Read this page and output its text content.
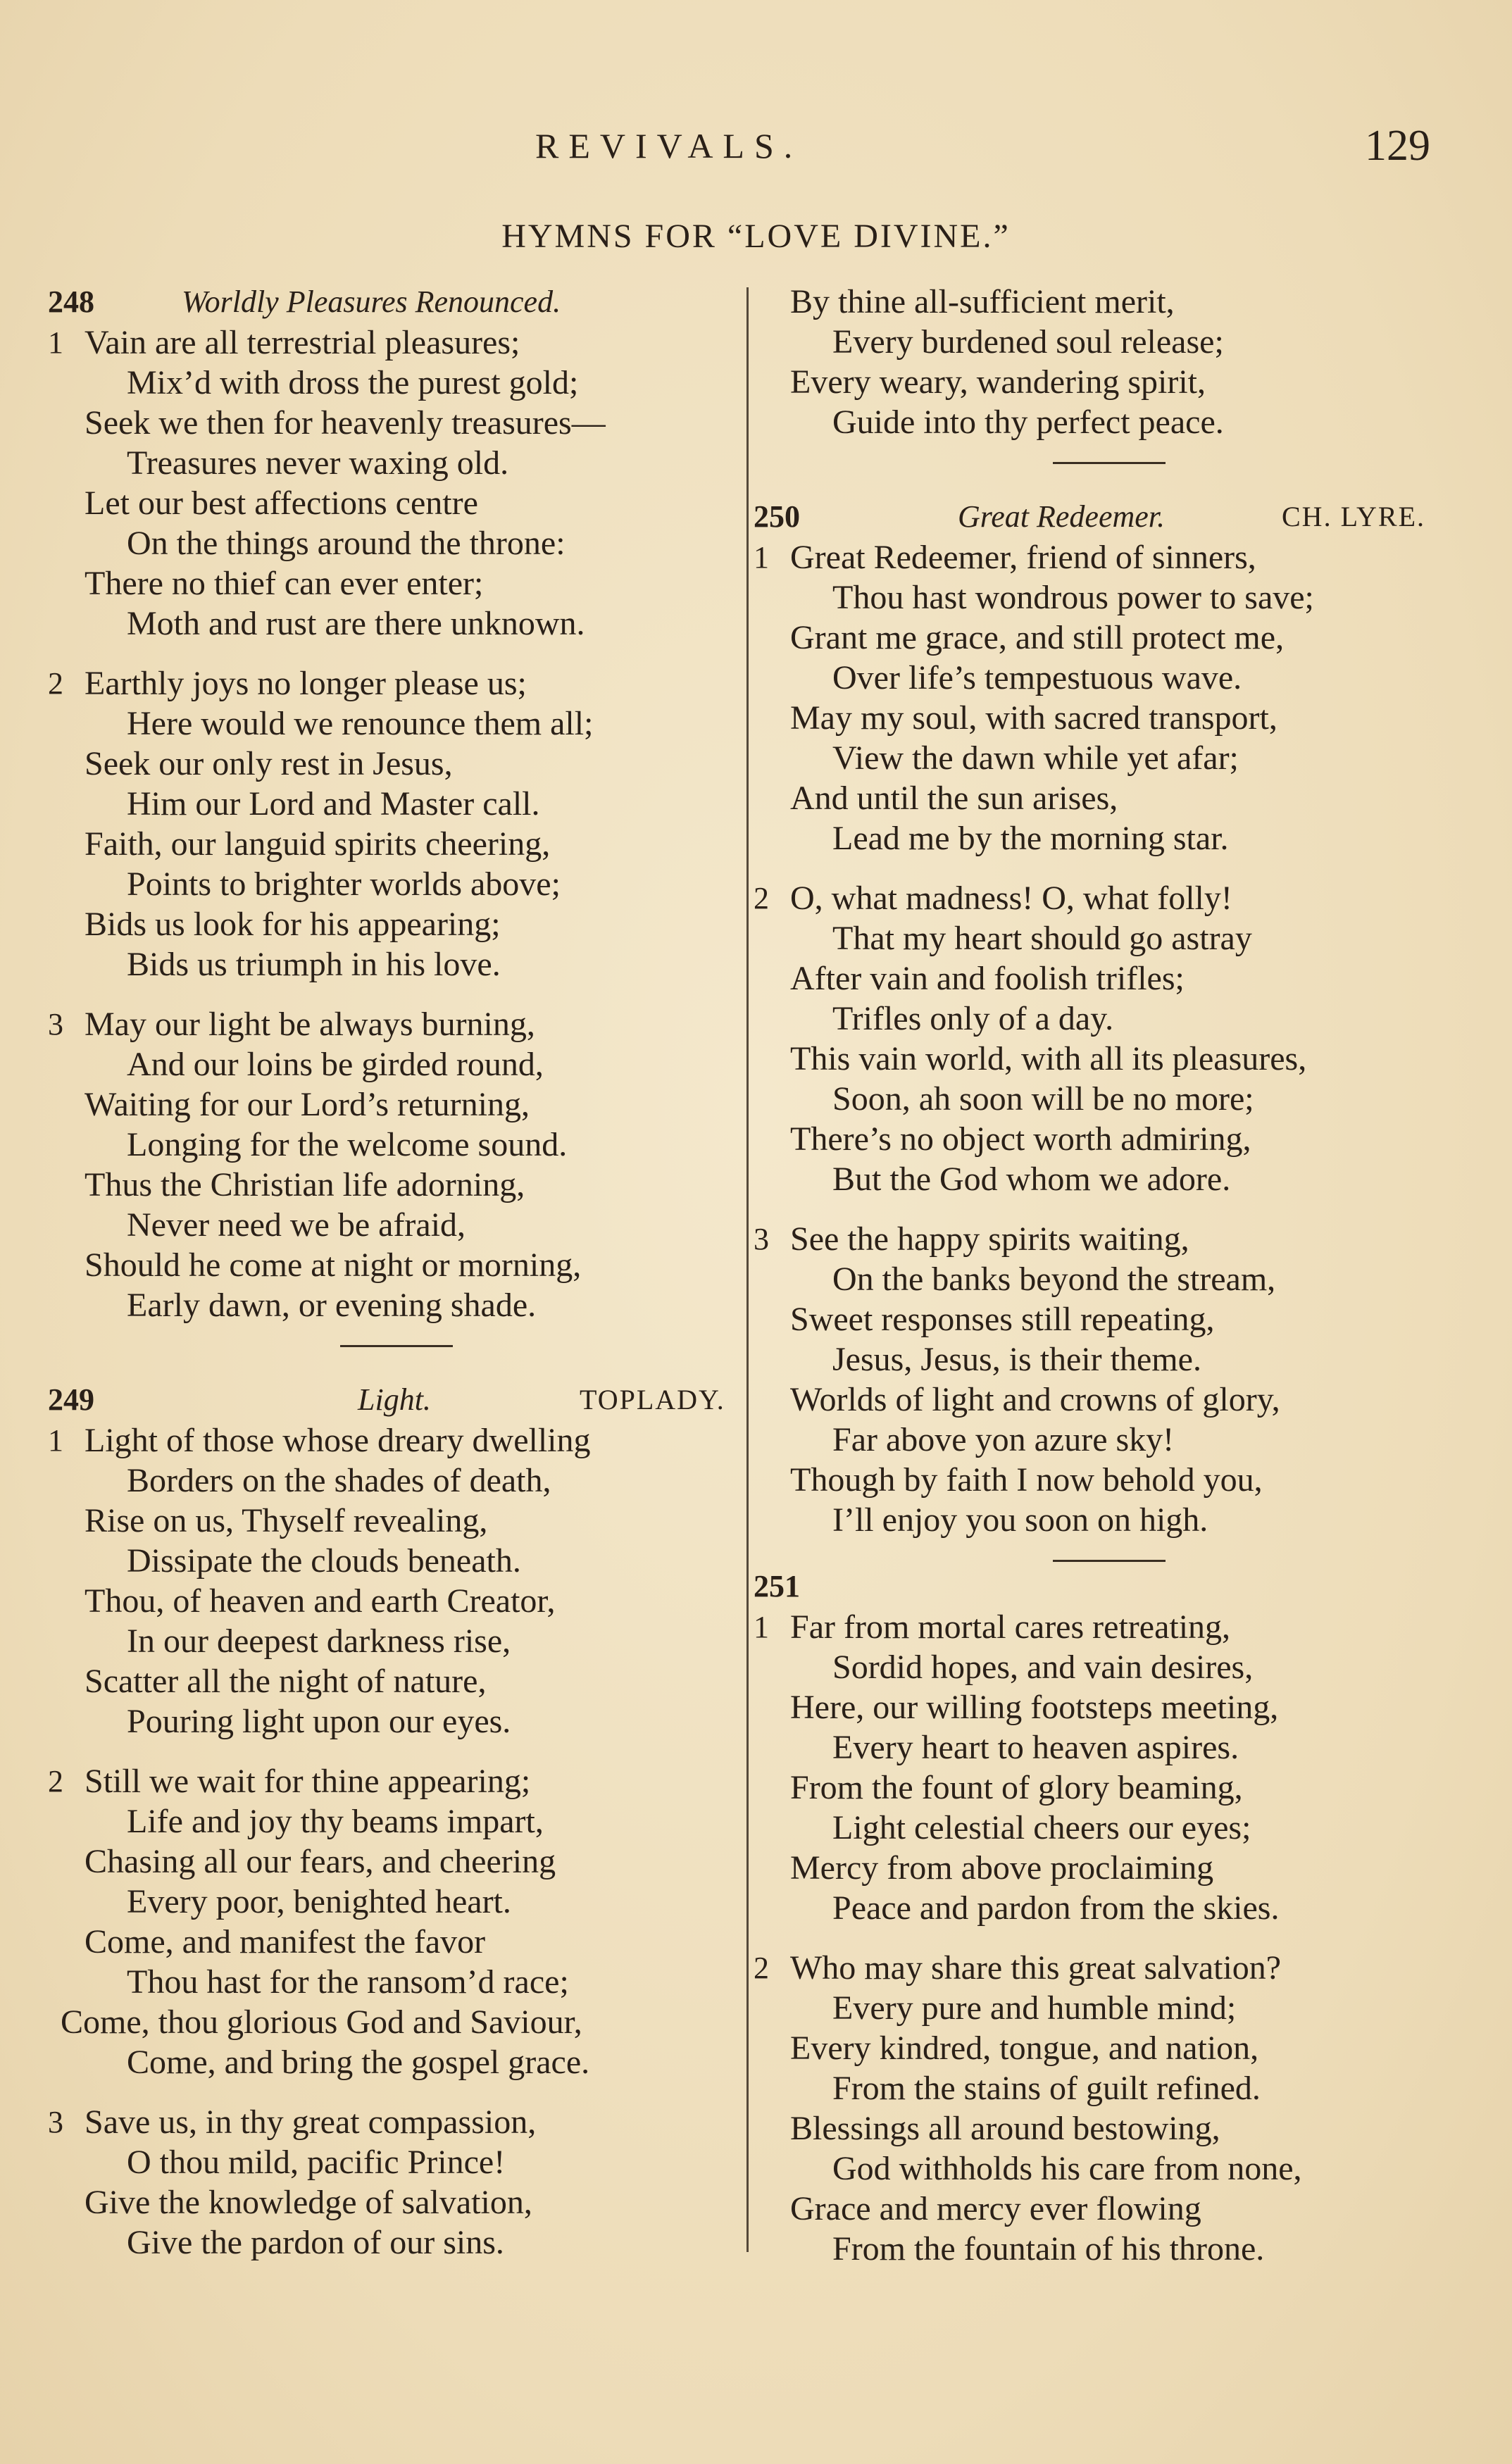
REVIVALS.	129
HYMNS FOR “LOVE DIVINE.”
248	Worldly Pleasures Renounced.
1 Vain are all terrestrial pleasures;
Mix’d with dross the purest gold;
Seek we then for heavenly treasures—
Treasures never waxing old.
Let our best affections centre
On the things around the throne:
There no thief can ever enter;
Moth and rust are there unknown.
2 Earthly joys no longer please us;
Here would we renounce them all;
Seek our only rest in Jesus,
Him our Lord and Master call.
Faith, our languid spirits cheering,
Points to brighter worlds above;
Bids us look for his appearing;
Bids us triumph in his love.
3 May our light be always burning,
And our loins be girded round,
Waiting for our Lord’s returning,
Longing for the welcome sound.
Thus the Christian life adorning,
Never need we be afraid,
Should he come at night or morning,
Early dawn, or evening shade.
249	Light.	TOPLADY.
1 Light of those whose dreary dwelling
Borders on the shades of death,
Rise on us, Thyself revealing,
Dissipate the clouds beneath.
Thou, of heaven and earth Creator,
In our deepest darkness rise,
Scatter all the night of nature,
Pouring light upon our eyes.
2 Still we wait for thine appearing;
Life and joy thy beams impart,
Chasing all our fears, and cheering
Every poor, benighted heart.
Come, and manifest the favor
Thou hast for the ransom’d race;
Come, thou glorious God and Saviour,
Come, and bring the gospel grace.
3 Save us, in thy great compassion,
O thou mild, pacific Prince!
Give the knowledge of salvation,
Give the pardon of our sins.
By thine all-sufficient merit,
Every burdened soul release;
Every weary, wandering spirit,
Guide into thy perfect peace.
250	Great Redeemer.	CH. LYRE.
1 Great Redeemer, friend of sinners,
Thou hast wondrous power to save;
Grant me grace, and still protect me,
Over life’s tempestuous wave.
May my soul, with sacred transport,
View the dawn while yet afar;
And until the sun arises,
Lead me by the morning star.
2 O, what madness! O, what folly!
That my heart should go astray
After vain and foolish trifles;
Trifles only of a day.
This vain world, with all its pleasures,
Soon, ah soon will be no more;
There’s no object worth admiring,
But the God whom we adore.
3 See the happy spirits waiting,
On the banks beyond the stream,
Sweet responses still repeating,
Jesus, Jesus, is their theme.
Worlds of light and crowns of glory,
Far above yon azure sky!
Though by faith I now behold you,
I’ll enjoy you soon on high.
251
1 Far from mortal cares retreating,
Sordid hopes, and vain desires,
Here, our willing footsteps meeting,
Every heart to heaven aspires.
From the fount of glory beaming,
Light celestial cheers our eyes;
Mercy from above proclaiming
Peace and pardon from the skies.
2 Who may share this great salvation?
Every pure and humble mind;
Every kindred, tongue, and nation,
From the stains of guilt refined.
Blessings all around bestowing,
God withholds his care from none,
Grace and mercy ever flowing
From the fountain of his throne.
